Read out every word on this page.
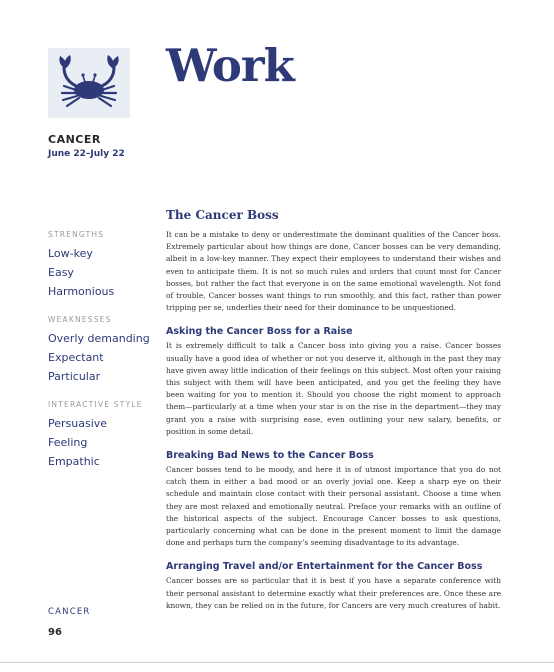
Work
CANCER
June 22–July 22
STRENGTHS
Low-key
Easy
Harmonious
WEAKNESSES
Overly demanding
Expectant
Particular
INTERACTIVE STYLE
Persuasive
Feeling
Empathic
The Cancer Boss

It can be a mistake to deny or underestimate the dominant qualities of the Cancer boss. Extremely particular about how things are done, Cancer bosses can be very demanding, albeit in a low-key manner. They expect their employees to understand their wishes and even to anticipate them. It is not so much rules and orders that count most for Cancer bosses, but rather the fact that everyone is on the same emotional wavelength. Not fond of trouble, Cancer bosses want things to run smoothly, and this fact, rather than power tripping per se, underlies their need for their dominance to be unquestioned.

Asking the Cancer Boss for a Raise

It is extremely difficult to talk a Cancer boss into giving you a raise. Cancer bosses usually have a good idea of whether or not you deserve it, although in the past they may have given away little indication of their feelings on this subject. Most often your raising this subject with them will have been anticipated, and you get the feeling they have been waiting for you to mention it. Should you choose the right moment to approach them—particularly at a time when your star is on the rise in the department—they may grant you a raise with surprising ease, even outlining your new salary, benefits, or position in some detail.

Breaking Bad News to the Cancer Boss

Cancer bosses tend to be moody, and here it is of utmost importance that you do not catch them in either a bad mood or an overly jovial one. Keep a sharp eye on their schedule and maintain close contact with their personal assistant. Choose a time when they are most relaxed and emotionally neutral. Preface your remarks with an outline of the historical aspects of the subject. Encourage Cancer bosses to ask questions, particularly concerning what can be done in the present moment to limit the damage done and perhaps turn the company’s seeming disadvantage to its advantage.

Arranging Travel and/or Entertainment for the Cancer Boss

Cancer bosses are so particular that it is best if you have a separate conference with their personal assistant to determine exactly what their preferences are. Once these are known, they can be relied on in the future, for Cancers are very much creatures of habit.

CANCER
96
